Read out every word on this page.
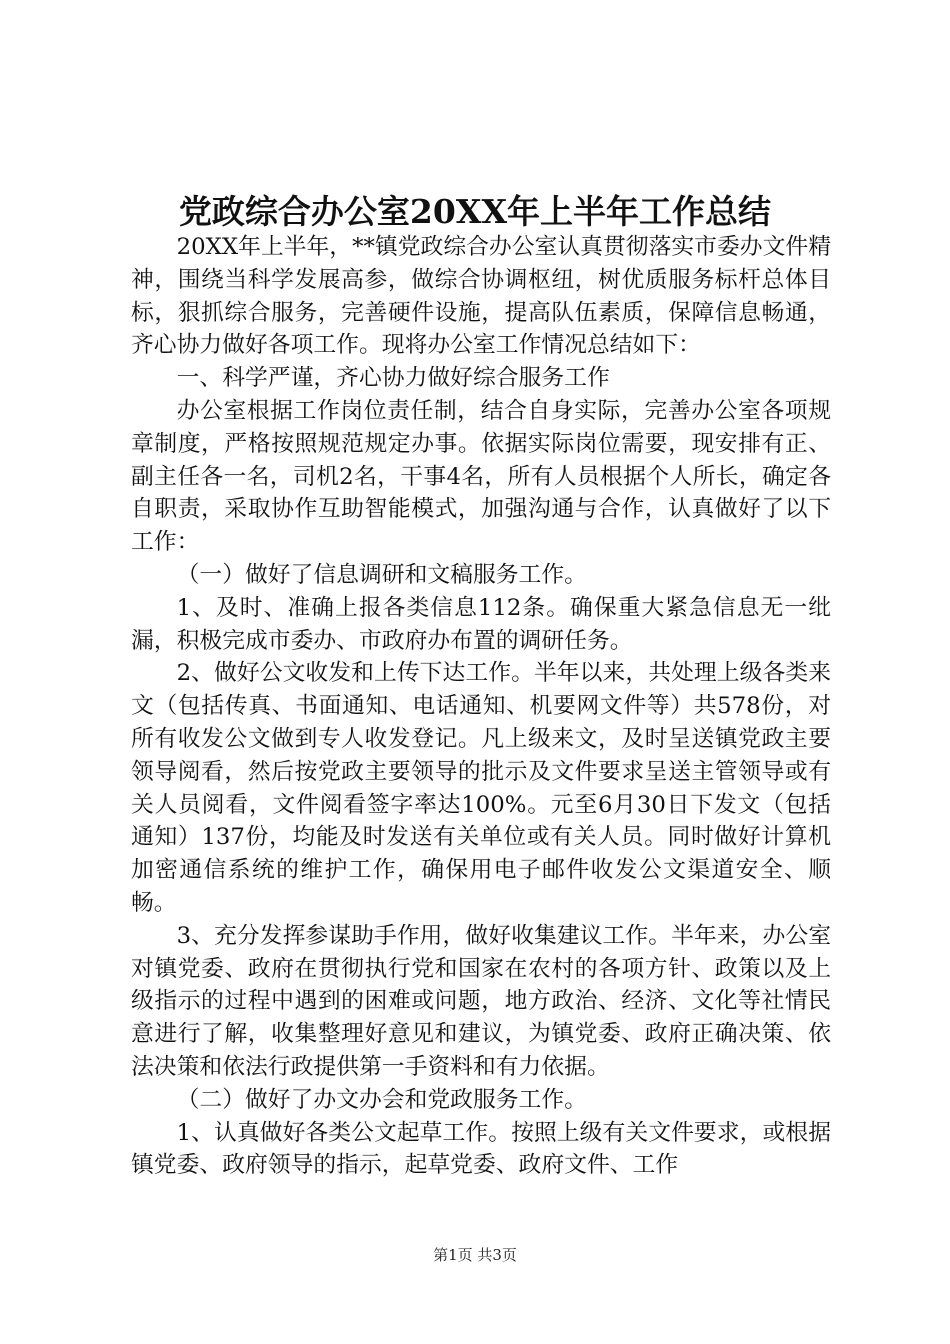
党政综合办公室20XX年上半年工作总结

20XX年上半年，**镇党政综合办公室认真贯彻落实市委办文件精神，围绕当科学发展高参，做综合协调枢纽，树优质服务标杆总体目标，狠抓综合服务，完善硬件设施，提高队伍素质，保障信息畅通，齐心协力做好各项工作。现将办公室工作情况总结如下：

一、科学严谨，齐心协力做好综合服务工作

办公室根据工作岗位责任制，结合自身实际，完善办公室各项规章制度，严格按照规范规定办事。依据实际岗位需要，现安排有正、副主任各一名，司机2名，干事4名，所有人员根据个人所长，确定各自职责，采取协作互助智能模式，加强沟通与合作，认真做好了以下工作：

（一）做好了信息调研和文稿服务工作。

1、及时、准确上报各类信息112条。确保重大紧急信息无一纰漏，积极完成市委办、市政府办布置的调研任务。

2、做好公文收发和上传下达工作。半年以来，共处理上级各类来文（包括传真、书面通知、电话通知、机要网文件等）共578份，对所有收发公文做到专人收发登记。凡上级来文，及时呈送镇党政主要领导阅看，然后按党政主要领导的批示及文件要求呈送主管领导或有关人员阅看，文件阅看签字率达100%。元至6月30日下发文（包括通知）137份，均能及时发送有关单位或有关人员。同时做好计算机加密通信系统的维护工作，确保用电子邮件收发公文渠道安全、顺畅。

3、充分发挥参谋助手作用，做好收集建议工作。半年来，办公室对镇党委、政府在贯彻执行党和国家在农村的各项方针、政策以及上级指示的过程中遇到的困难或问题，地方政治、经济、文化等社情民意进行了解，收集整理好意见和建议，为镇党委、政府正确决策、依法决策和依法行政提供第一手资料和有力依据。

（二）做好了办文办会和党政服务工作。

1、认真做好各类公文起草工作。按照上级有关文件要求，或根据镇党委、政府领导的指示，起草党委、政府文件、工作

第1页 共3页
